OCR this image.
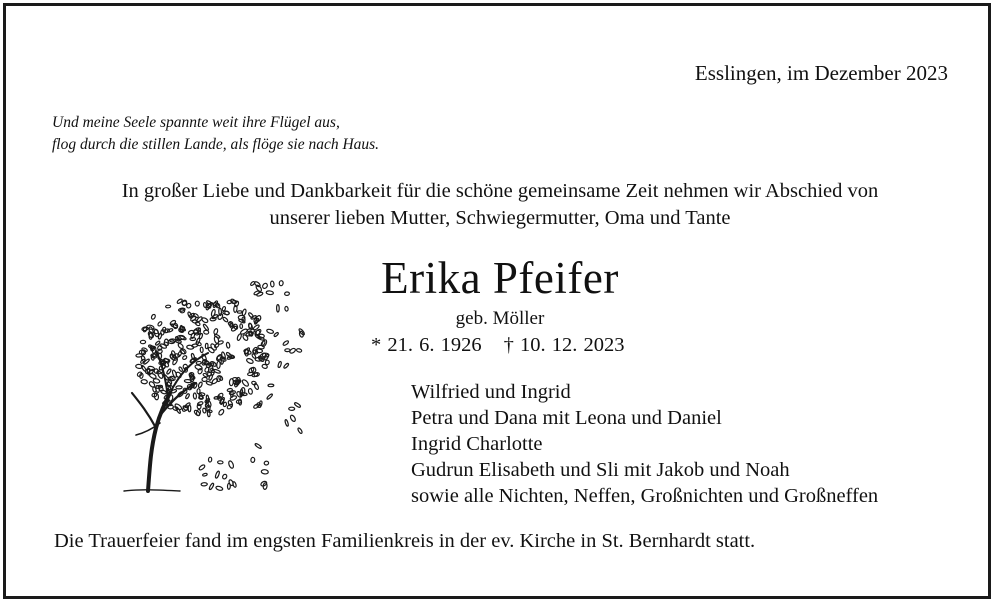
Esslingen, im Dezember 2023
Und meine Seele spannte weit ihre Flügel aus,
flog durch die stillen Lande, als flöge sie nach Haus.
In großer Liebe und Dankbarkeit für die schöne gemeinsame Zeit nehmen wir Abschied von
unserer lieben Mutter, Schwiegermutter, Oma und Tante
Erika Pfeifer
geb. Möller
* 21. 6. 1926 † 10. 12. 2023
Wilfried und Ingrid
Petra und Dana mit Leona und Daniel
Ingrid Charlotte
Gudrun Elisabeth und Sli mit Jakob und Noah
sowie alle Nichten, Neffen, Großnichten und Großneffen
Die Trauerfeier fand im engsten Familienkreis in der ev. Kirche in St. Bernhardt statt.
